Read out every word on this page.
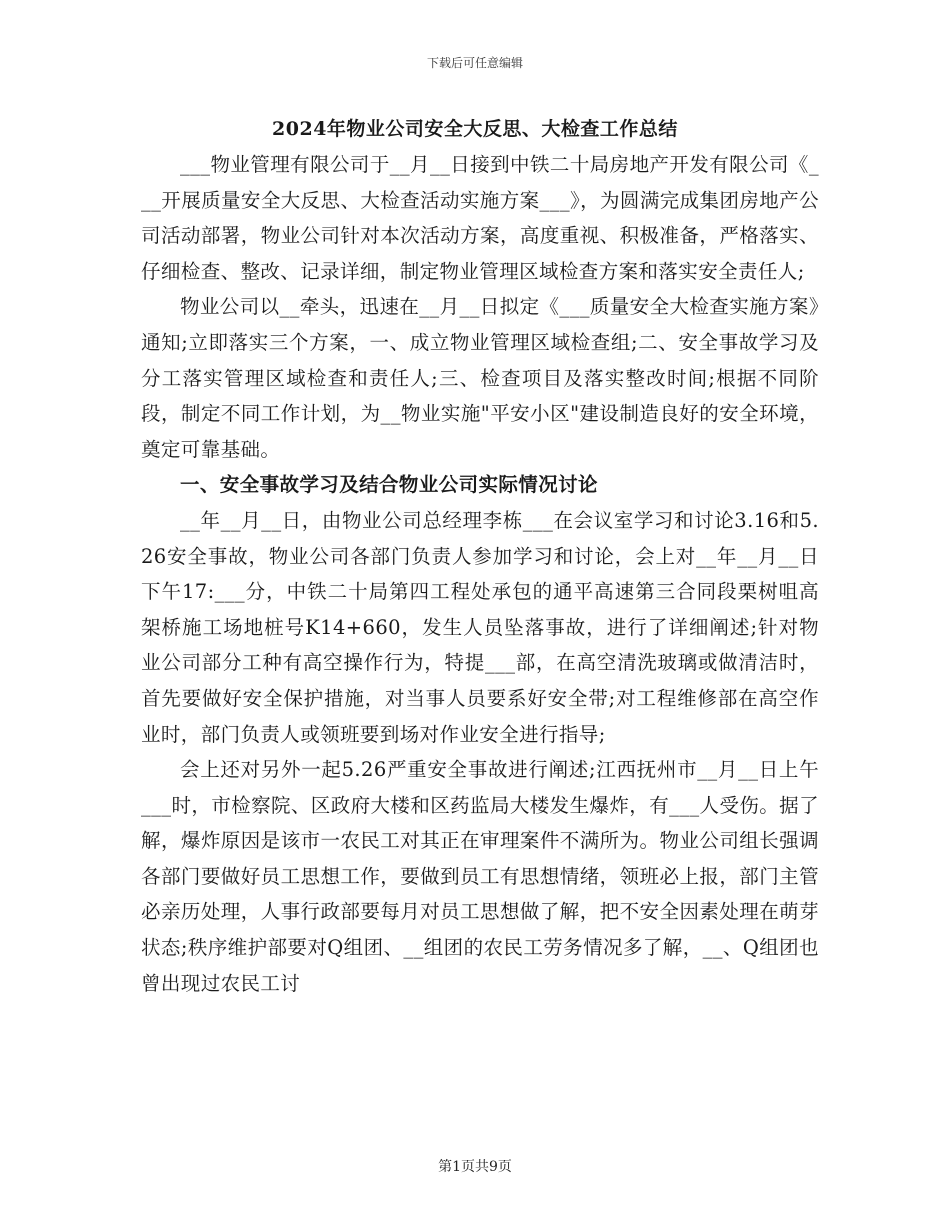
下载后可任意编辑
2024年物业公司安全大反思、大检查工作总结

___物业管理有限公司于__月__日接到中铁二十局房地产开发有限公司《___开展质量安全大反思、大检查活动实施方案___》，为圆满完成集团房地产公司活动部署，物业公司针对本次活动方案，高度重视、积极准备，严格落实、仔细检查、整改、记录详细，制定物业管理区域检查方案和落实安全责任人;

物业公司以__牵头，迅速在__月__日拟定《___质量安全大检查实施方案》通知;立即落实三个方案，一、成立物业管理区域检查组;二、安全事故学习及分工落实管理区域检查和责任人;三、检查项目及落实整改时间;根据不同阶段，制定不同工作计划，为__物业实施"平安小区"建设制造良好的安全环境，奠定可靠基础。

一、安全事故学习及结合物业公司实际情况讨论

__年__月__日，由物业公司总经理李栋___在会议室学习和讨论3.16和5.26安全事故，物业公司各部门负责人参加学习和讨论，会上对__年__月__日下午17:___分，中铁二十局第四工程处承包的通平高速第三合同段栗树咀高架桥施工场地桩号K14+660，发生人员坠落事故，进行了详细阐述;针对物业公司部分工种有高空操作行为，特提___部，在高空清洗玻璃或做清洁时，首先要做好安全保护措施，对当事人员要系好安全带;对工程维修部在高空作业时，部门负责人或领班要到场对作业安全进行指导;

会上还对另外一起5.26严重安全事故进行阐述;江西抚州市__月__日上午___时，市检察院、区政府大楼和区药监局大楼发生爆炸，有___人受伤。据了解，爆炸原因是该市一农民工对其正在审理案件不满所为。物业公司组长强调各部门要做好员工思想工作，要做到员工有思想情绪，领班必上报，部门主管必亲历处理，人事行政部要每月对员工思想做了解，把不安全因素处理在萌芽状态;秩序维护部要对Q组团、__组团的农民工劳务情况多了解，__、Q组团也曾出现过农民工讨

第1页共9页
